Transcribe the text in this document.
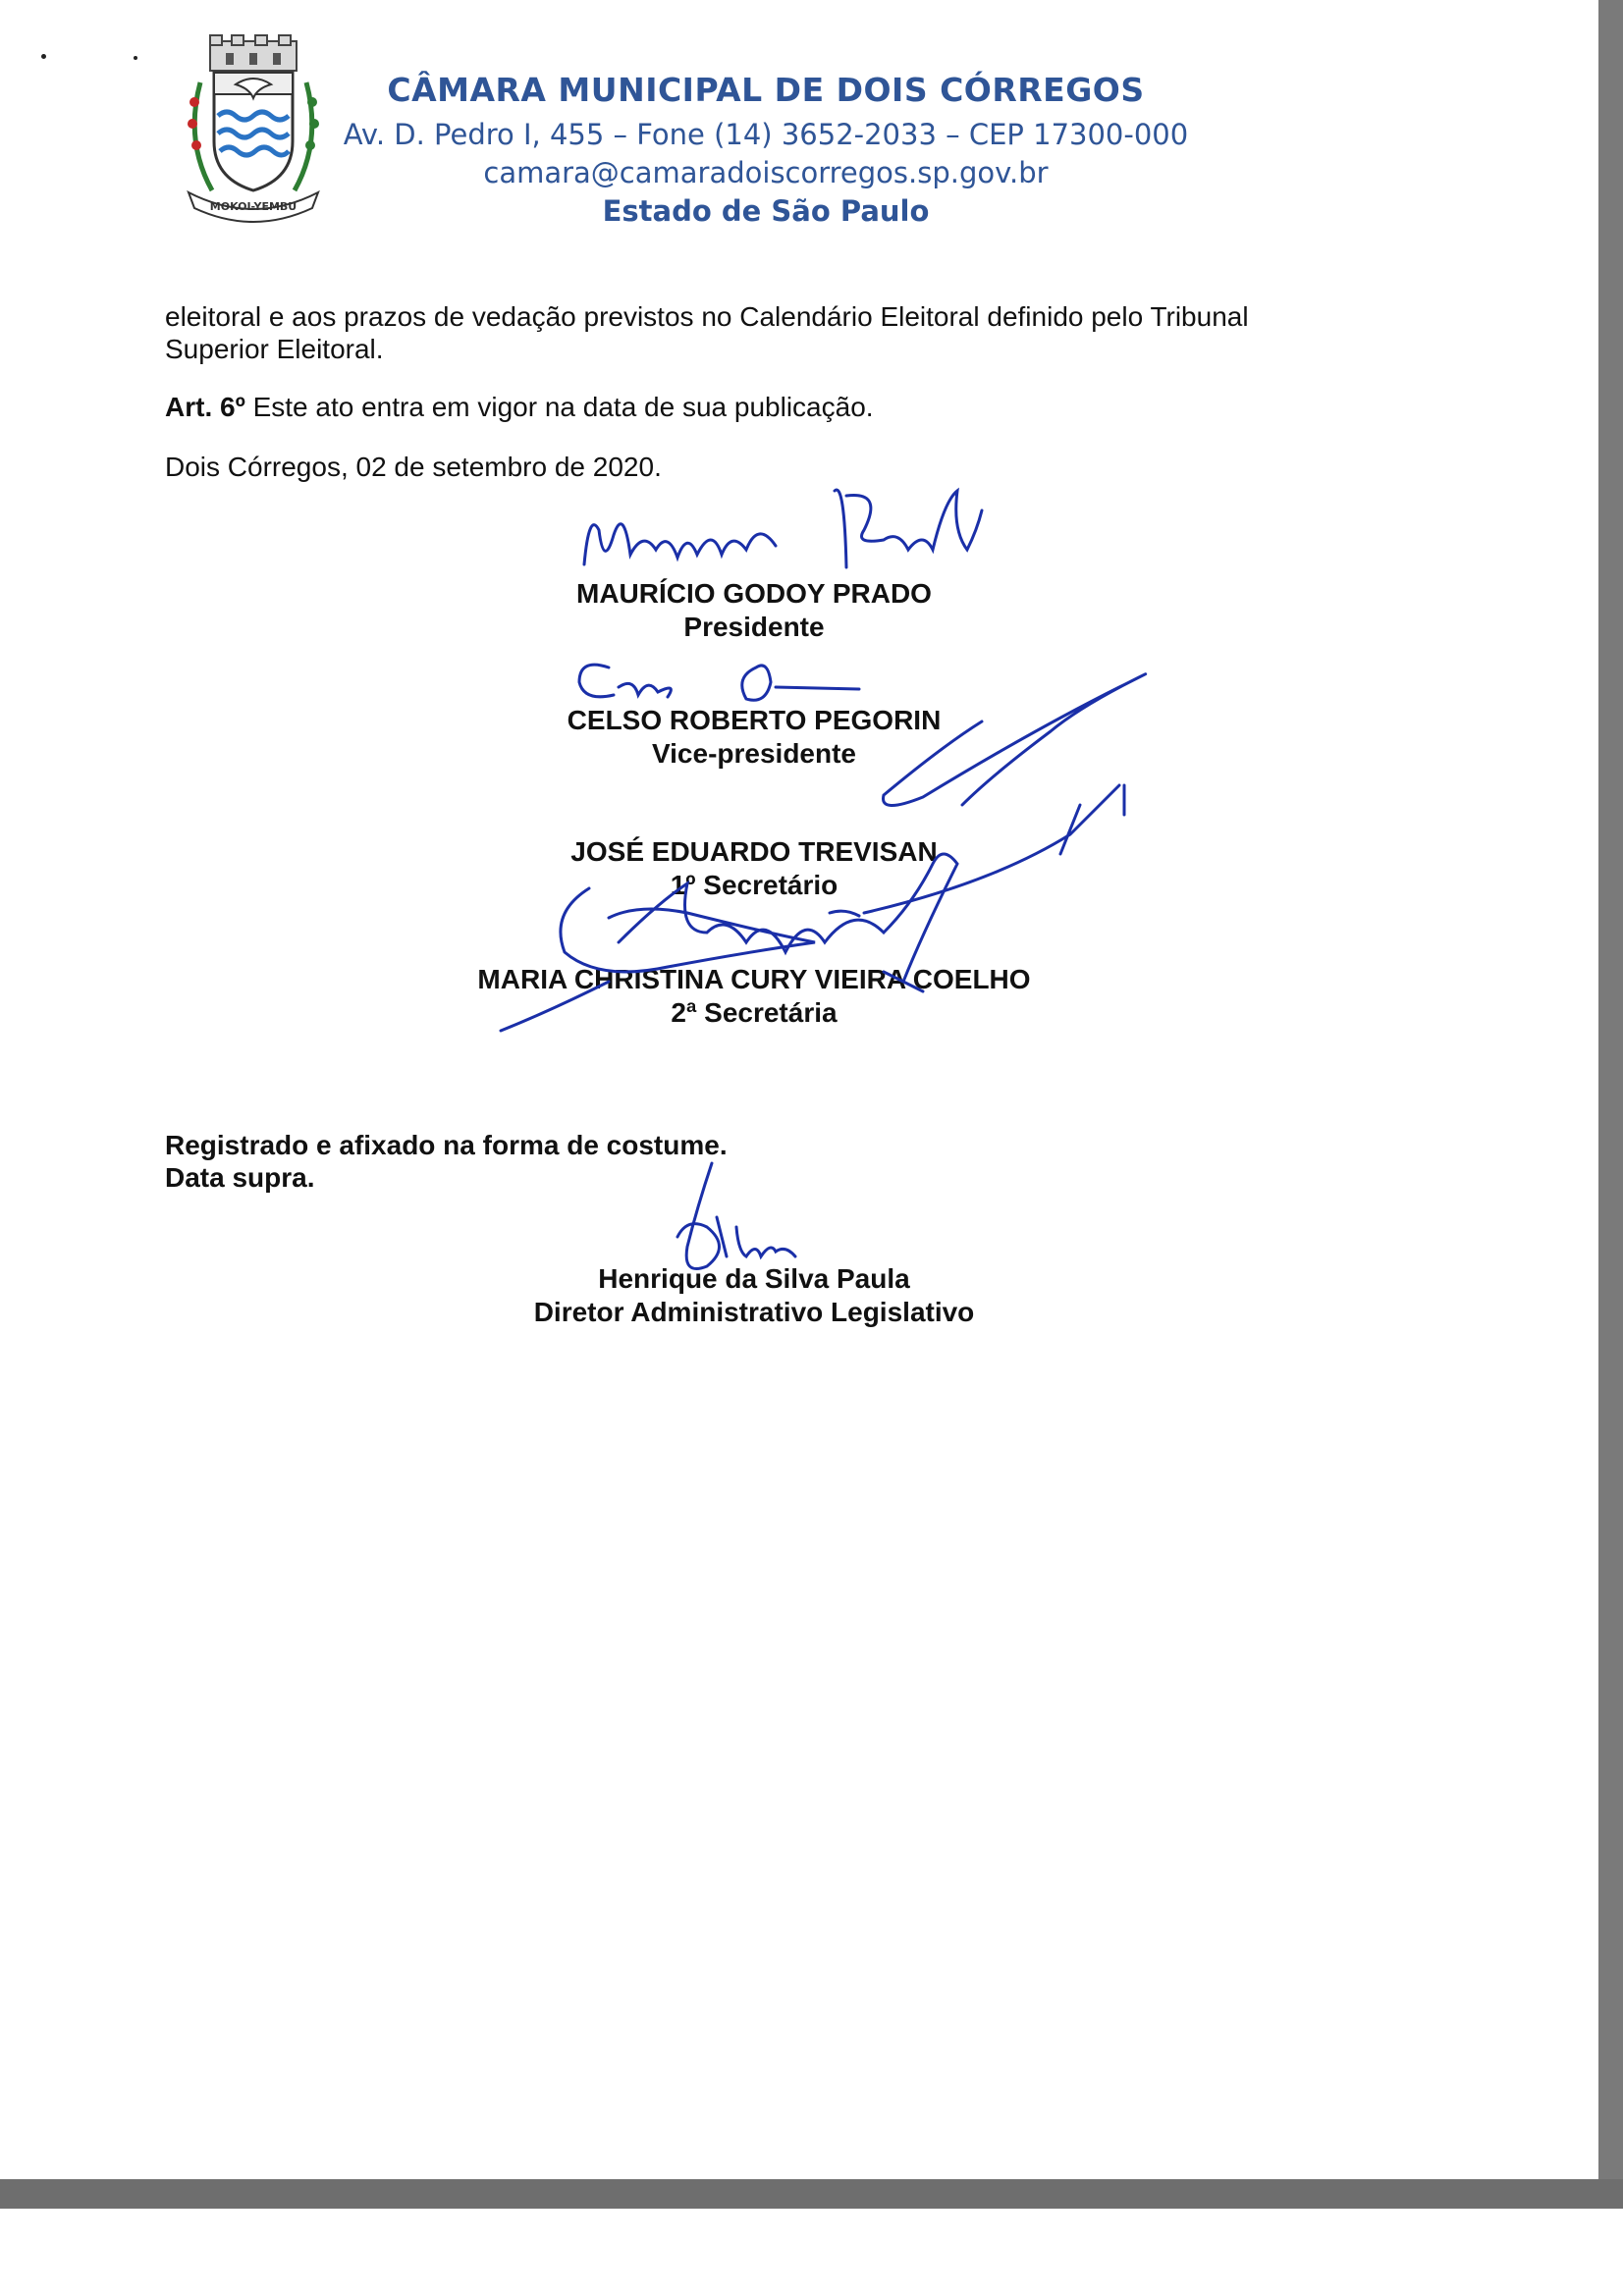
MOKOI-YEMBU
CÂMARA MUNICIPAL DE DOIS CÓRREGOS
Av. D. Pedro I, 455 – Fone (14) 3652-2033 – CEP 17300-000
camara@camaradoiscorregos.sp.gov.br
Estado de São Paulo
eleitoral e aos prazos de vedação previstos no Calendário Eleitoral definido pelo Tribunal
Superior Eleitoral.
Art. 6º Este ato entra em vigor na data de sua publicação.
Dois Córregos, 02 de setembro de 2020.
MAURÍCIO GODOY PRADO
Presidente
CELSO ROBERTO PEGORIN
Vice-presidente
JOSÉ EDUARDO TREVISAN
1º Secretário
MARIA CHRISTINA CURY VIEIRA COELHO
2ª Secretária
Registrado e afixado na forma de costume.
Data supra.
Henrique da Silva Paula
Diretor Administrativo Legislativo
